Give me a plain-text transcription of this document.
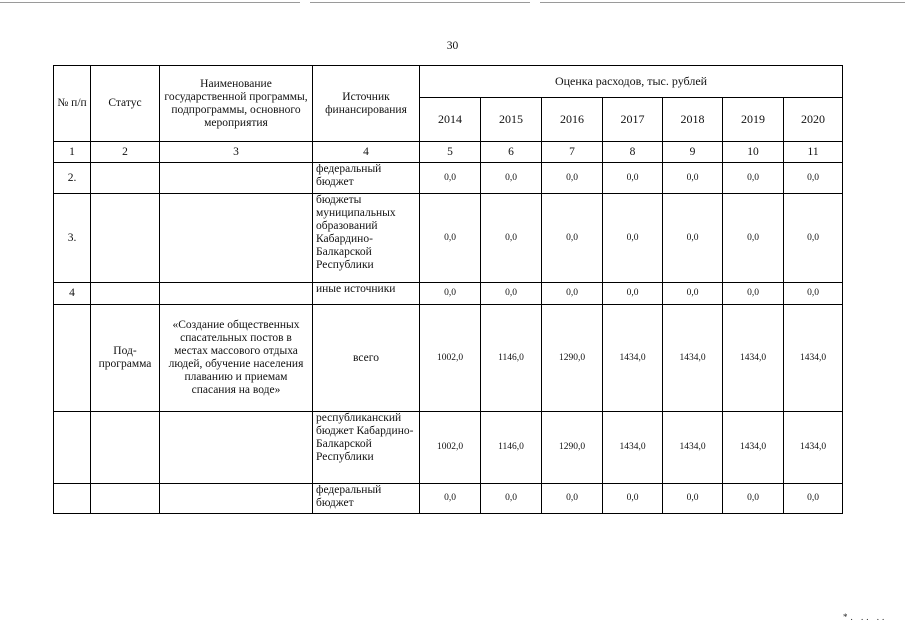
30
№ п/п	Статус	Наименование государственной программы, подпрограммы, основного мероприятия	Источник финансирования	Оценка расходов, тыс. рублей						
				2014	2015	2016	2017	2018	2019	2020
1	2	3	4	5	6	7	8	9	10	11
2.			федеральный бюджет	0,0	0,0	0,0	0,0	0,0	0,0	0,0
3.			бюджеты муниципальных образований Кабардино-Балкарской Республики	0,0	0,0	0,0	0,0	0,0	0,0	0,0
4			иные источники	0,0	0,0	0,0	0,0	0,0	0,0	0,0
	Под-программа	«Создание общественных спасательных постов в местах массового отдыха людей, обучение населения плаванию и приемам спасания на воде»	всего	1002,0	1146,0	1290,0	1434,0	1434,0	1434,0	1434,0
			республиканский бюджет Кабардино-Балкарской Республики	1002,0	1146,0	1290,0	1434,0	1434,0	1434,0	1434,0
			федеральный бюджет	0,0	0,0	0,0	0,0	0,0	0,0	0,0
*. .. ..
